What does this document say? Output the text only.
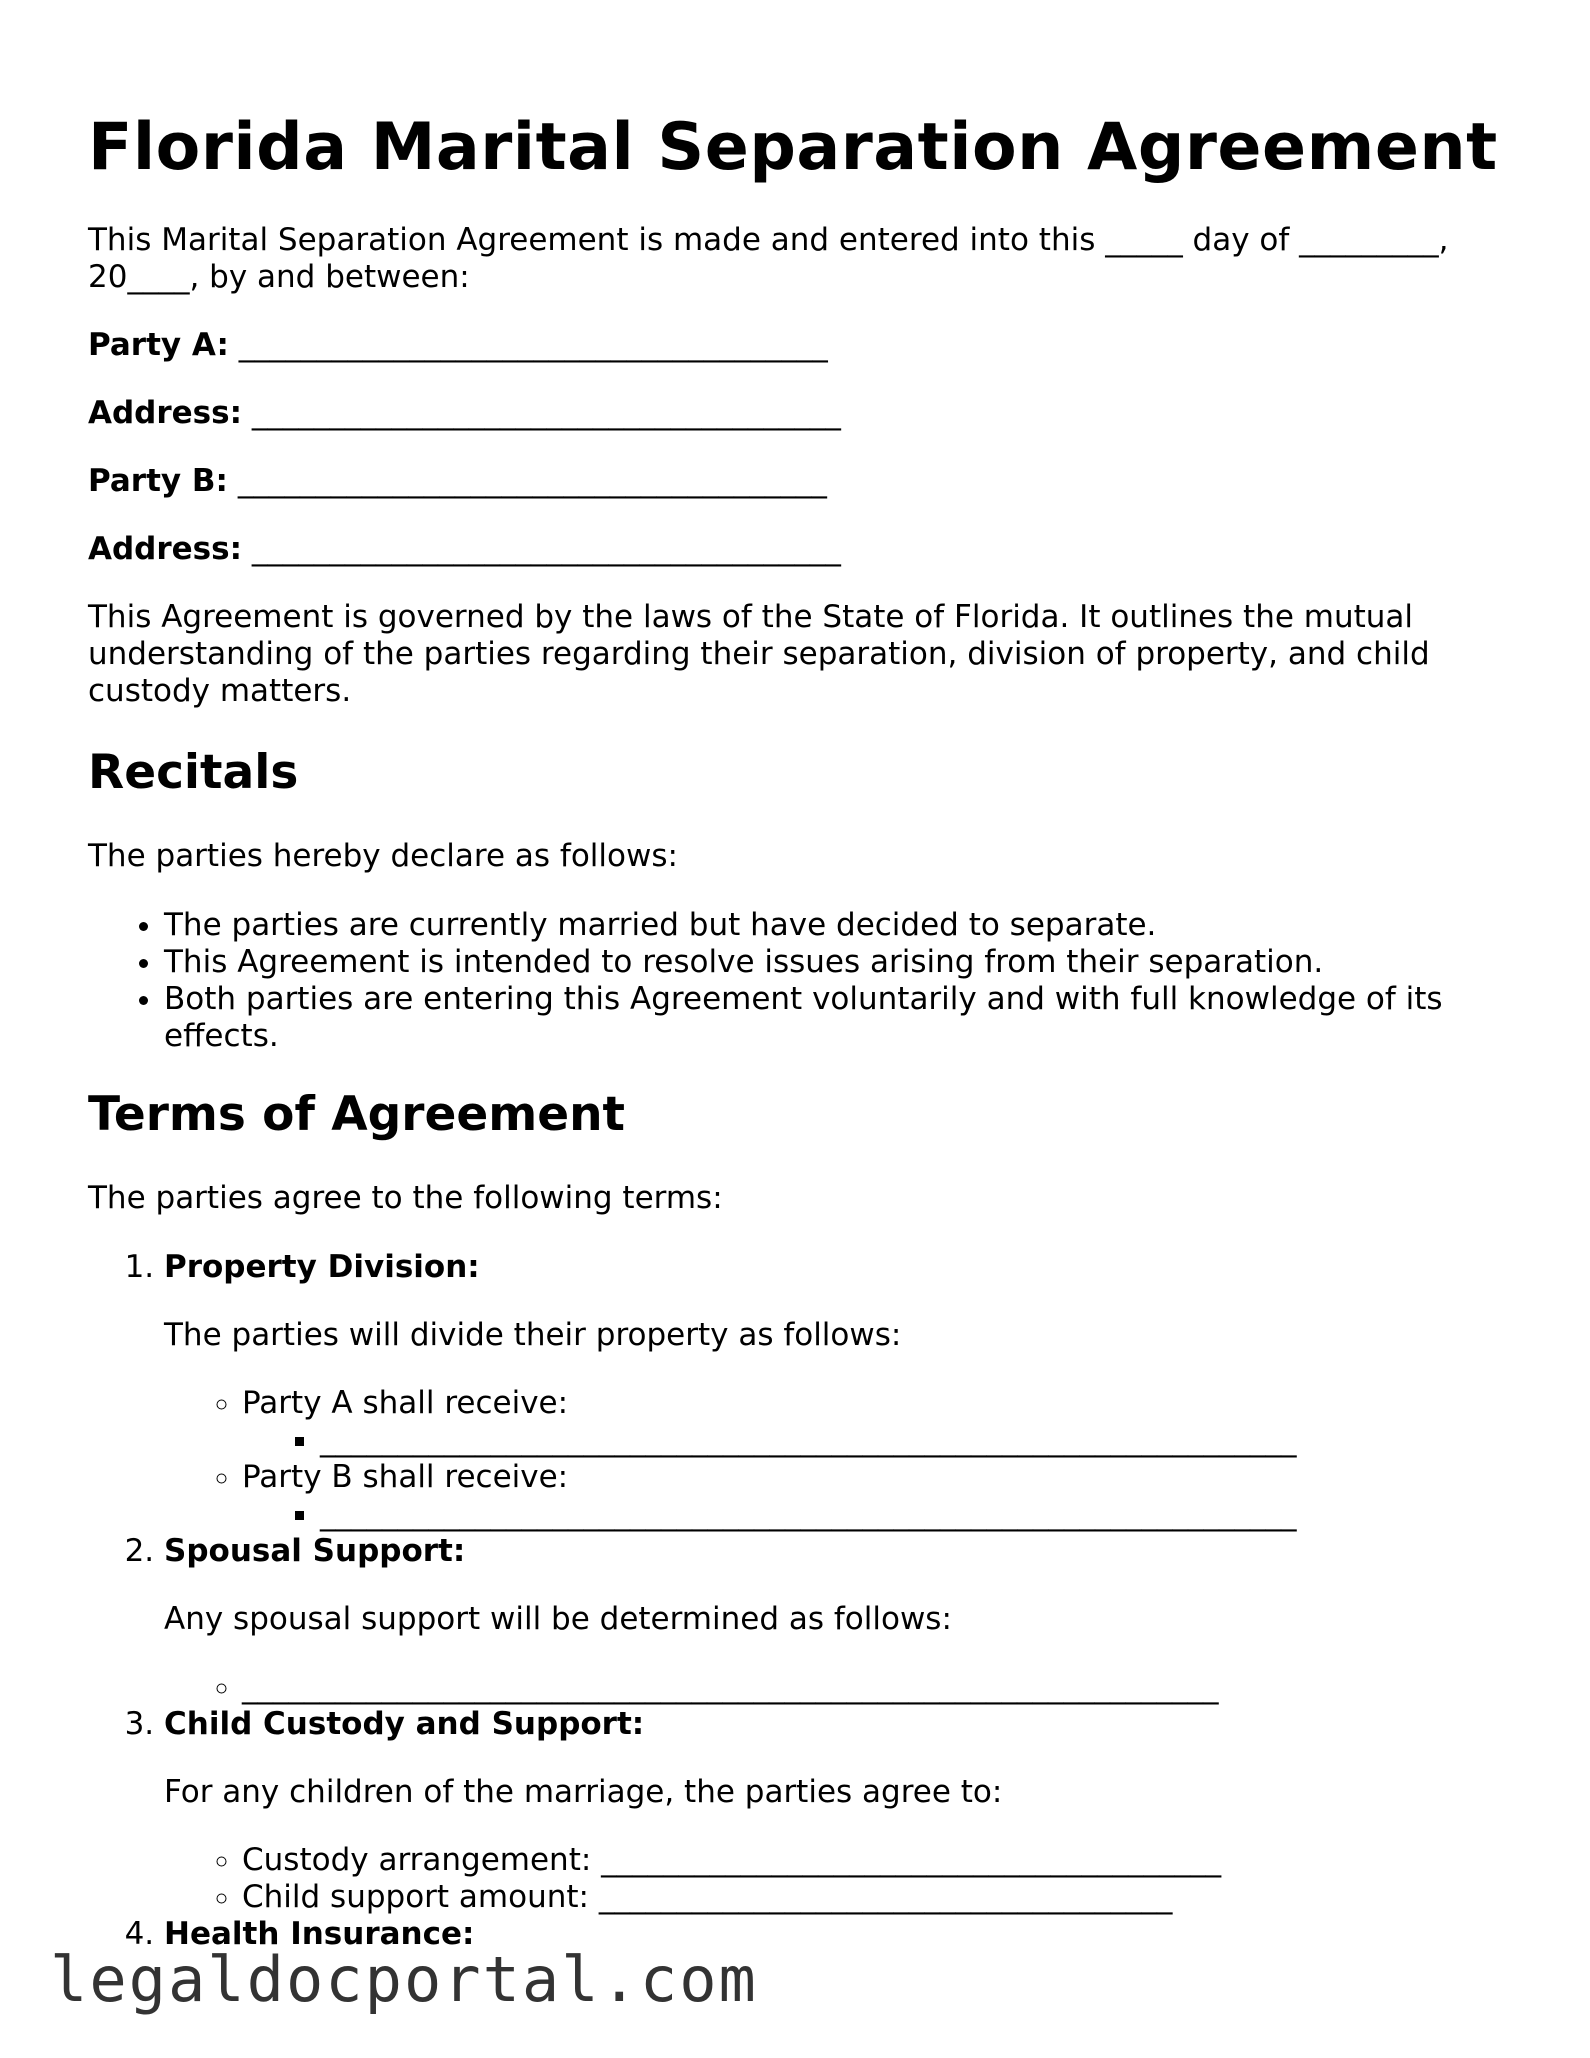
Florida Marital Separation Agreement

This Marital Separation Agreement is made and entered into this _____ day of _________, 20____, by and between:

Party A: ______________________________________

Address: ______________________________________

Party B: ______________________________________

Address: ______________________________________

This Agreement is governed by the laws of the State of Florida. It outlines the mutual understanding of the parties regarding their separation, division of property, and child custody matters.

Recitals

The parties hereby declare as follows:

• The parties are currently married but have decided to separate.
• This Agreement is intended to resolve issues arising from their separation.
• Both parties are entering this Agreement voluntarily and with full knowledge of its effects.
Terms of Agreement

The parties agree to the following terms:

1. Property Division:

The parties will divide their property as follows:

◦ Party A shall receive:
▪ _______________________________________________________________
◦ Party B shall receive:
▪ _______________________________________________________________
2. Spousal Support:

Any spousal support will be determined as follows:

◦ _______________________________________________________________
3. Child Custody and Support:

For any children of the marriage, the parties agree to:

◦ Custody arrangement: ________________________________________
◦ Child support amount: _____________________________________
4. Health Insurance:
legaldocportal.com
